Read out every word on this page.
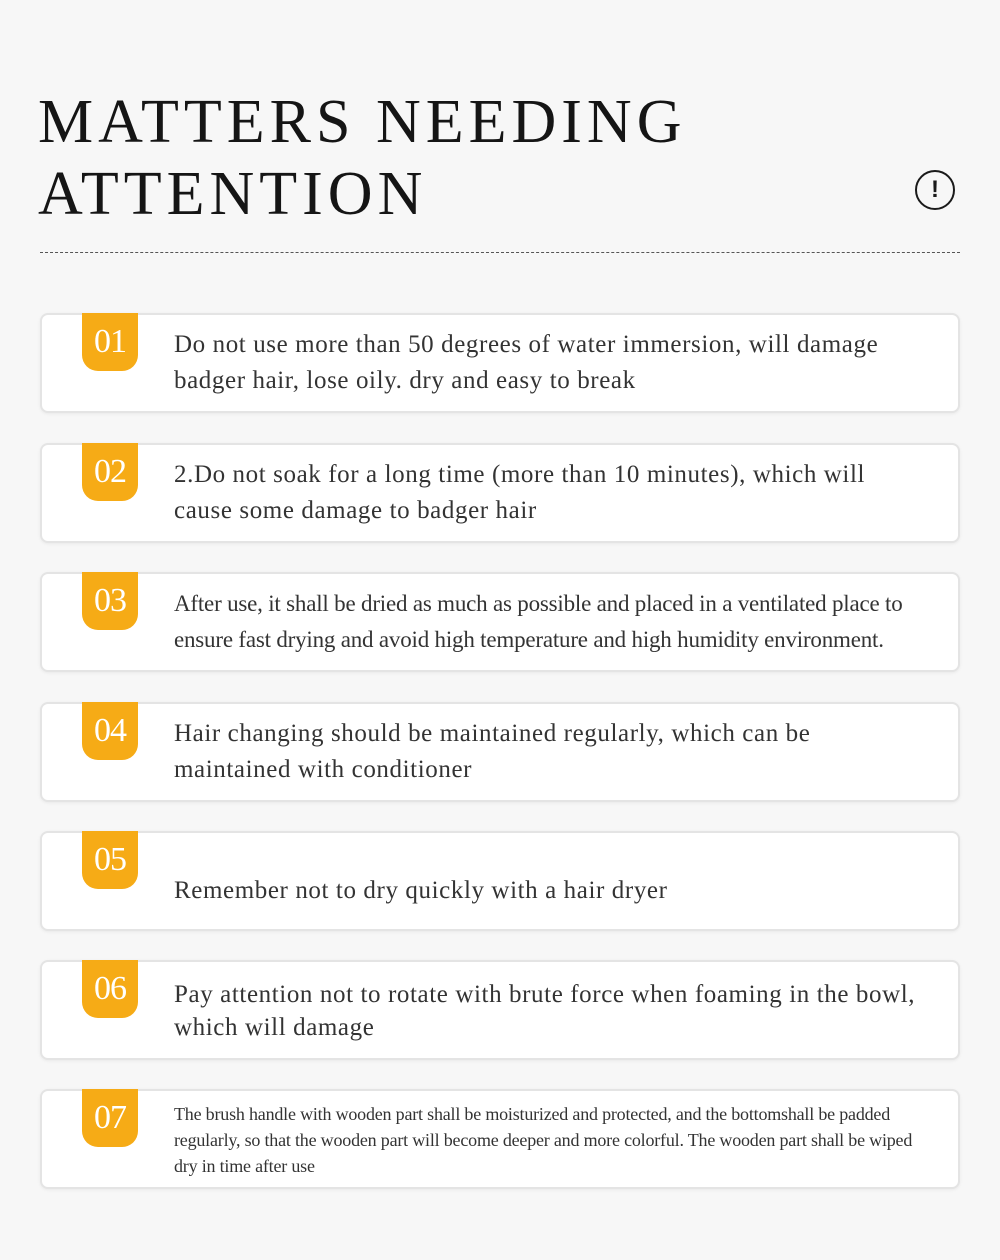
MATTERS NEEDING
ATTENTION	!
01	Do not use more than 50 degrees of water immersion, will damage badger hair, lose oily. dry and easy to break
02	2.Do not soak for a long time (more than 10 minutes), which will cause some damage to badger hair
03	After use, it shall be dried as much as possible and placed in a ventilated place to ensure fast drying and avoid high temperature and high humidity environment.
04	Hair changing should be maintained regularly, which can be maintained with conditioner
05
Remember not to dry quickly with a hair dryer
06	Pay attention not to rotate with brute force when foaming in the bowl, which will damage
07	The brush handle with wooden part shall be moisturized and protected, and the bottomshall be padded regularly, so that the wooden part will become deeper and more colorful. The wooden part shall be wiped dry in time after use
